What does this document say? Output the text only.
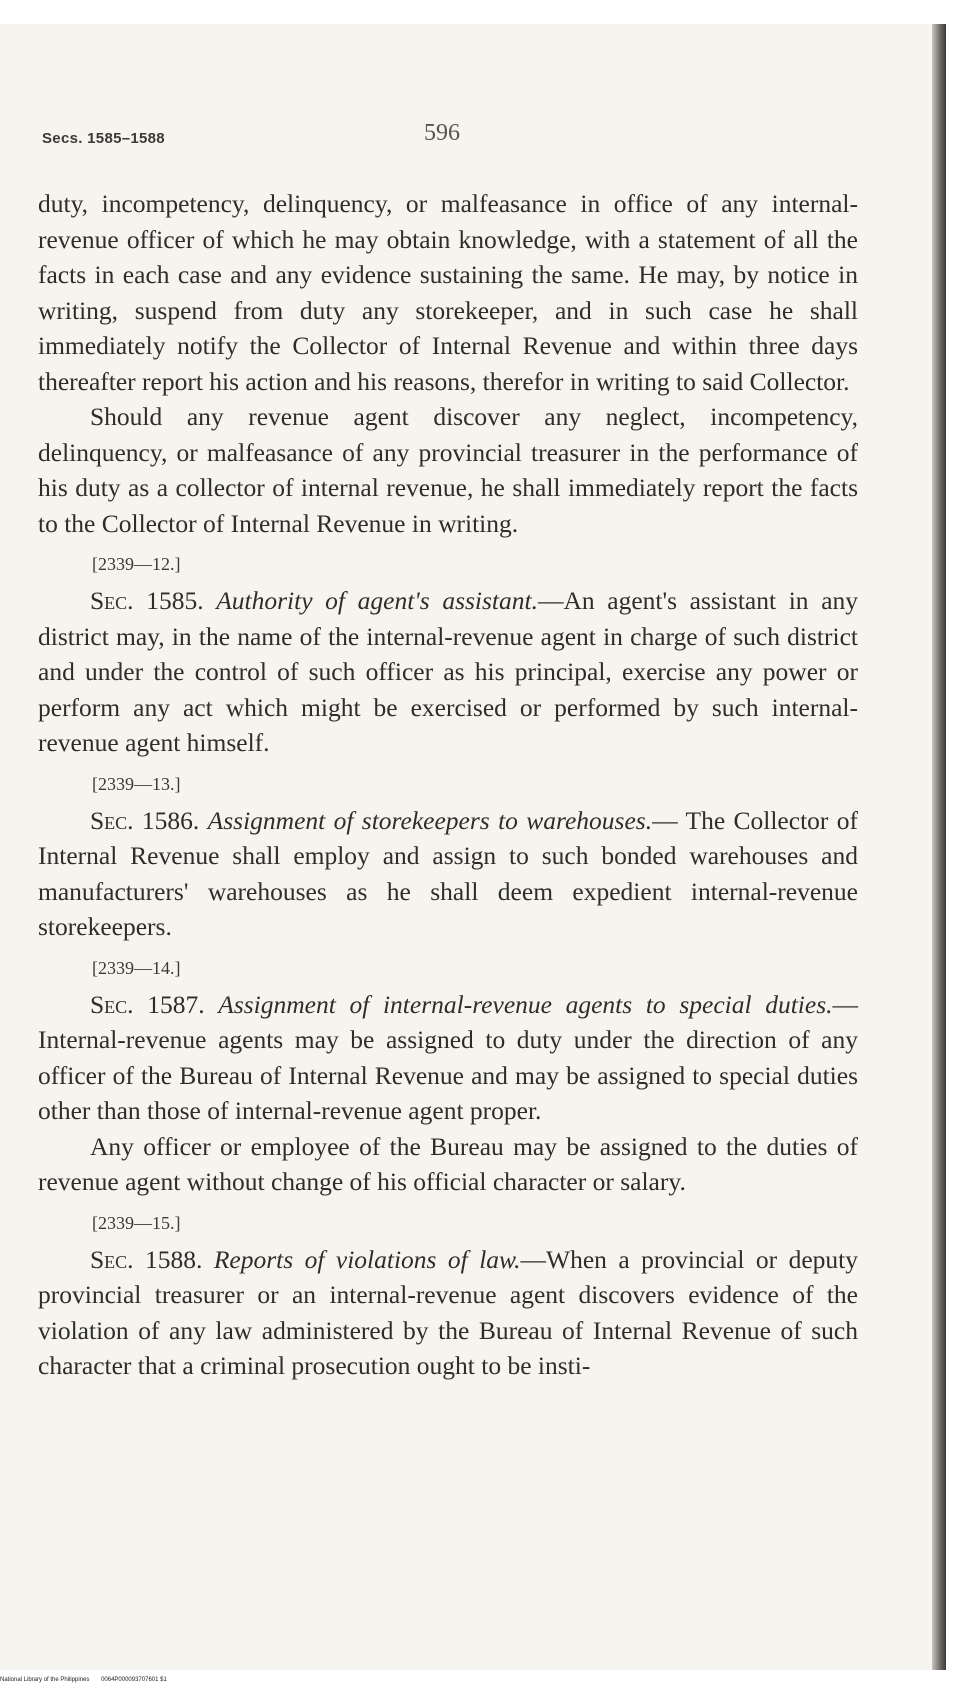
Secs. 1585–1588	596

duty, incompetency, delinquency, or malfeasance in office of any internal-revenue officer of which he may obtain knowledge, with a statement of all the facts in each case and any evidence sustaining the same. He may, by notice in writing, suspend from duty any storekeeper, and in such case he shall immediately notify the Collector of Internal Revenue and within three days thereafter report his action and his reasons, therefor in writing to said Collector.

Should any revenue agent discover any neglect, incompetency, delinquency, or malfeasance of any provincial treasurer in the performance of his duty as a collector of internal revenue, he shall immediately report the facts to the Collector of Internal Revenue in writing.

[2339—12.]

Sec. 1585. Authority of agent's assistant.—An agent's assistant in any district may, in the name of the internal-revenue agent in charge of such district and under the control of such officer as his principal, exercise any power or perform any act which might be exercised or performed by such internal-revenue agent himself.

[2339—13.]

Sec. 1586. Assignment of storekeepers to warehouses.— The Collector of Internal Revenue shall employ and assign to such bonded warehouses and manufacturers' warehouses as he shall deem expedient internal-revenue storekeepers.

[2339—14.]

Sec. 1587. Assignment of internal-revenue agents to special duties.—Internal-revenue agents may be assigned to duty under the direction of any officer of the Bureau of Internal Revenue and may be assigned to special duties other than those of internal-revenue agent proper.

Any officer or employee of the Bureau may be assigned to the duties of revenue agent without change of his official character or salary.

[2339—15.]

Sec. 1588. Reports of violations of law.—When a provincial or deputy provincial treasurer or an internal-revenue agent discovers evidence of the violation of any law administered by the Bureau of Internal Revenue of such character that a criminal prosecution ought to be insti-

National Library of the Philippines 0064P000093707601 $1
